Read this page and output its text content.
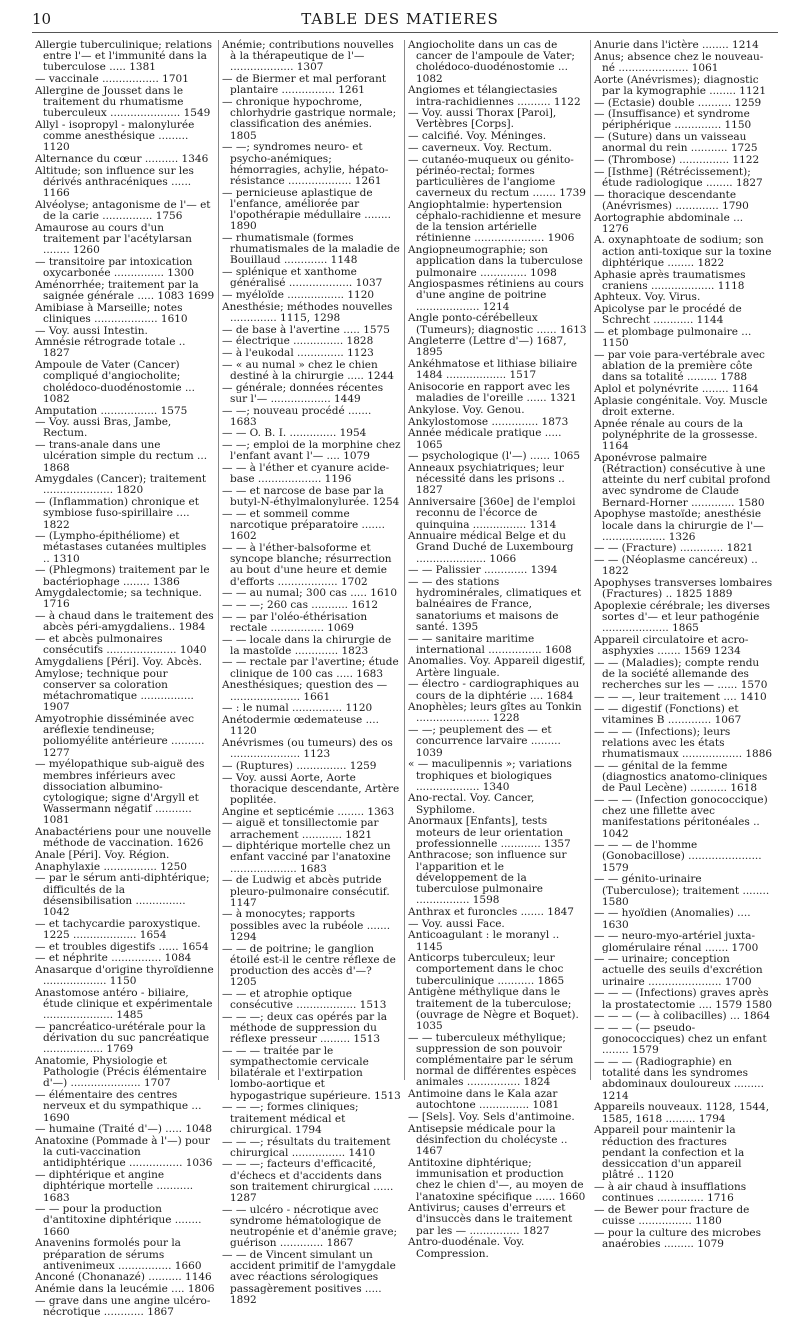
10	TABLE DES MATIERES

Allergie tuberculinique; relations entre l'— et l'immunité dans la tuberculose ..... 1381

— vaccinale ................. 1701

Allergine de Jousset dans le traitement du rhumatisme tuberculeux ..................... 1549

Allyl - isopropyl - malonylurée comme anesthésique ......... 1120

Alternance du cœur .......... 1346

Altitude; son influence sur les dérivés anthracéniques ...... 1166

Alvéolyse; antagonisme de l'— et de la carie ............... 1756

Amaurose au cours d'un traitement par l'acétylarsan ........ 1260

— transitoire par intoxication oxycarbonée ............... 1300

Aménorrhée; traitement par la saignée générale ..... 1083 1699

Amibiase à Marseille; notes cliniques ................... 1610

— Voy. aussi Intestin.

Amnésie rétrograde totale .. 1827

Ampoule de Vater (Cancer) compliqué d'angiocholite; cholédoco-duodénostomie ... 1082

Amputation ................. 1575

— Voy. aussi Bras, Jambe, Rectum.

— trans-anale dans une ulcération simple du rectum ... 1868

Amygdales (Cancer); traitement ..................... 1820

— (Inflammation) chronique et symbiose fuso-spirillaire .... 1822

— (Lympho-épithéliome) et métastases cutanées multiples .. 1310

— (Phlegmons) traitement par le bactériophage ........ 1386

Amygdalectomie; sa technique. 1716

— à chaud dans le traitement des abcès péri-amygdaliens.. 1984

— et abcès pulmonaires consécutifs ..................... 1040

Amygdaliens [Péri]. Voy. Abcès.

Amylose; technique pour conserver sa coloration métachromatique ................ 1907

Amyotrophie disséminée avec aréflexie tendineuse; poliomyélite antérieure .......... 1277

— myélopathique sub-aiguë des membres inférieurs avec dissociation albumino-cytologique; signe d'Argyll et Wassermann négatif ........... 1081

Anabactériens pour une nouvelle méthode de vaccination. 1626

Anale [Péri]. Voy. Région.

Anaphylaxie ................ 1250

— par le sérum anti-diphtérique; difficultés de la désensibilisation ............... 1042

— et tachycardie paroxystique. 1225 ................... 1654

— et troubles digestifs ...... 1654

— et néphrite ............... 1084

Anasarque d'origine thyroïdienne ................... 1150

Anastomose antéro - biliaire, étude clinique et expérimentale ..................... 1485

— pancréatico-urétérale pour la dérivation du suc pancréatique .................. 1769

Anatomie, Physiologie et Pathologie (Précis élémentaire d'—) ..................... 1707

— élémentaire des centres nerveux et du sympathique ... 1690

— humaine (Traité d'—) ..... 1048

Anatoxine (Pommade à l'—) pour la cuti-vaccination antidiphtérique ................ 1036

— diphtérique et angine diphtérique mortelle ........... 1683

— — pour la production d'antitoxine diphtérique ........ 1660

Anavenins formolés pour la préparation de sérums antivenimeux ................ 1660

Anconé (Chonanazé) .......... 1146

Anémie dans la leucémie .... 1806

— grave dans une angine ulcéro-nécrotique ............ 1867

Anémie; contributions nouvelles à la thérapeutique de l'— ................... 1307

— de Biermer et mal perforant plantaire ................ 1261

— chronique hypochrome, chlorhydrie gastrique normale; classification des anémies. 1805

— —; syndromes neuro- et psycho-anémiques; hémorragies, achylie, hépato-résistance ................... 1261

— pernicieuse aplastique de l'enfance, améliorée par l'opothérapie médullaire ........ 1890

— rhumatismale (formes rhumatismales de la maladie de Bouillaud ............. 1148

— splénique et xanthome généralisé ................... 1037

— myéloïde ................. 1120

Anesthésie; méthodes nouvelles .............. 1115, 1298

— de base à l'avertine ..... 1575

— électrique ............... 1828

— à l'eukodal .............. 1123

— « au numal » chez le chien destiné à la chirurgie ..... 1244

— générale; données récentes sur l'— .................. 1449

— —; nouveau procédé ....... 1683

— — O. B. I. .............. 1954

— —; emploi de la morphine chez l'enfant avant l'— .... 1079

— — à l'éther et cyanure acide-base ................... 1196

— — et narcose de base par la butyl-N-éthylmalonylurée. 1254

— — et sommeil comme narcotique préparatoire ....... 1602

— — à l'éther-balsoforme et syncope blanche; résurrection au bout d'une heure et demie d'efforts .................. 1702

— — au numal; 300 cas ..... 1610

— — —; 260 cas ........... 1612

— — par l'oléo-éthérisation rectale ................ 1069

— — locale dans la chirurgie de la mastoïde ............. 1823

— — rectale par l'avertine; étude clinique de 100 cas ..... 1683

Anesthésiques; question des — ..................... 1661

— : le numal ............... 1120

Anétodermie œdemateuse .... 1120

Anévrismes (ou tumeurs) des os ..................... 1123

— (Ruptures) ............... 1259

— Voy. aussi Aorte, Aorte thoracique descendante, Artère poplitée.

Angine et septicémie ........ 1363

— aiguë et tonsillectomie par arrachement ............ 1821

— diphtérique mortelle chez un enfant vacciné par l'anatoxine .................... 1683

— de Ludwig et abcès putride pleuro-pulmonaire consécutif. 1147

— à monocytes; rapports possibles avec la rubéole ....... 1294

— — de poitrine; le ganglion étoilé est-il le centre réflexe de production des accès d'—? 1205

— — et atrophie optique consécutive .................. 1513

— — —; deux cas opérés par la méthode de suppression du réflexe presseur ......... 1513

— — — traitée par le sympathectomie cervicale bilatérale et l'extirpation lombo-aortique et hypogastrique supérieure. 1513

— — —; formes cliniques; traitement médical et chirurgical. 1794

— — —; résultats du traitement chirurgical ................ 1410

— — —; facteurs d'efficacité, d'échecs et d'accidents dans son traitement chirurgical ...... 1287

— — ulcéro - nécrotique avec syndrome hématologique de neutropénie et d'anémie grave; guérison ............. 1867

— — de Vincent simulant un accident primitif de l'amygdale avec réactions sérologiques passagèrement positives ..... 1892

Angiocholite dans un cas de cancer de l'ampoule de Vater; cholédoco-duodénostomie ... 1082

Angiomes et télangiectasies intra-rachidiennes .......... 1122

— Voy. aussi Thorax [Paroi], Vertèbres [Corps].

— calcifié. Voy. Méninges.

— caverneux. Voy. Rectum.

— cutanéo-muqueux ou génito-périnéo-rectal; formes particulières de l'angiome caverneux du rectum ....... 1739

Angiophtalmie: hypertension céphalo-rachidienne et mesure de la tension artérielle rétinienne ..................... 1906

Angiopneumographie; son application dans la tuberculose pulmonaire .............. 1098

Angiospasmes rétiniens au cours d'une angine de poitrine ................... 1214

Angle ponto-cérébelleux (Tumeurs); diagnostic ...... 1613

Angleterre (Lettre d'—) 1687, 1895

Ankéhmatose et lithiase biliaire 1484 .................. 1517

Anisocorie en rapport avec les maladies de l'oreille ...... 1321

Ankylose. Voy. Genou.

Ankylostomose .............. 1873

Année médicale pratique ..... 1065

— psychologique (l'—) ...... 1065

Anneaux psychiatriques; leur nécessité dans les prisons .. 1827

Anniversaire [360e] de l'emploi reconnu de l'écorce de quinquina ................ 1314

Annuaire médical Belge et du Grand Duché de Luxembourg ..................... 1066

— — Palissier ............. 1394

— — des stations hydrominérales, climatiques et balnéaires de France, sanatoriums et maisons de santé. 1395

— — sanitaire maritime international ................ 1608

Anomalies. Voy. Appareil digestif, Artère linguale.

— électro - cardiographiques au cours de la diphtérie .... 1684

Anophèles; leurs gîtes au Tonkin ...................... 1228

— —; peuplement des — et concurrence larvaire ......... 1039

« — maculipennis »; variations trophiques et biologiques ................... 1340

Ano-rectal. Voy. Cancer, Syphilome.

Anormaux [Enfants], tests moteurs de leur orientation professionnelle ............ 1357

Anthracose; son influence sur l'apparition et le développement de la tuberculose pulmonaire ................ 1598

Anthrax et furoncles ....... 1847

— Voy. aussi Face.

Anticoagulant : le moranyl .. 1145

Anticorps tuberculeux; leur comportement dans le choc tuberculinique ........... 1865

Antigène méthylique dans le traitement de la tuberculose; (ouvrage de Nègre et Boquet). 1035

— — tuberculeux méthylique; suppression de son pouvoir complémentaire par le sérum normal de différentes espèces animales ................ 1824

Antimoine dans le Kala azar autochtone ............... 1081

— [Sels]. Voy. Sels d'antimoine.

Antisepsie médicale pour la désinfection du cholécyste .. 1467

Antitoxine diphtérique; immunisation et production chez le chien d'—, au moyen de l'anatoxine spécifique ...... 1660

Antivirus; causes d'erreurs et d'insuccès dans le traitement par les — ............... 1827

Antro-duodénale. Voy. Compression.

Anurie dans l'ictère ........ 1214

Anus; absence chez le nouveau-né ..................... 1061

Aorte (Anévrismes); diagnostic par la kymographie ........ 1121

— (Ectasie) double .......... 1259

— (Insuffisance) et syndrome périphérique .............. 1150

— (Suture) dans un vaisseau anormal du rein ........... 1725

— (Thrombose) ............... 1122

— [Isthme] (Rétrécissement); étude radiologique ........ 1827

— thoracique descendante (Anévrismes) ............. 1790

Aortographie abdominale ... 1276

A. oxynaphtoate de sodium; son action anti-toxique sur la toxine diphtérique ........ 1822

Aphasie après traumatismes craniens ................... 1118

Aphteux. Voy. Virus.

Apicolyse par le procédé de Schrecht ............ 1144

— et plombage pulmonaire ... 1150

— par voie para-vertébrale avec ablation de la première côte dans sa totalité ......... 1788

Aplol et polynévrite ........ 1164

Aplasie congénitale. Voy. Muscle droit externe.

Apnée rénale au cours de la polynéphrite de la grossesse. 1164

Aponévrose palmaire (Rétraction) consécutive à une atteinte du nerf cubital profond avec syndrome de Claude Bernard-Horner ............. 1580

Apophyse mastoïde; anesthésie locale dans la chirurgie de l'— ................... 1326

— — (Fracture) ............. 1821

— — (Néoplasme cancéreux) .. 1822

Apophyses transverses lombaires (Fractures) .. 1825 1889

Apoplexie cérébrale; les diverses sortes d'— et leur pathogénie .................... 1865

Appareil circulatoire et acro-asphyxies ....... 1569 1234

— — (Maladies); compte rendu de la société allemande des recherches sur les — ...... 1570

— — —, leur traitement .... 1410

— — digestif (Fonctions) et vitamines B ............. 1067

— — — (Infections); leurs relations avec les états rhumatismaux .................. 1886

— — génital de la femme (diagnostics anatomo-cliniques de Paul Lecène) ........... 1618

— — — (Infection gonococcique) chez une fillette avec manifestations péritonéales .. 1042

— — — de l'homme (Gonobacillose) ...................... 1579

— — génito-urinaire (Tuberculose); traitement ........ 1580

— — hyoïdien (Anomalies) .... 1630

— — neuro-myo-artériel juxta-glomérulaire rénal ....... 1700

— — urinaire; conception actuelle des seuils d'excrétion urinaire ...................... 1700

— — — (Infections) graves après la prostatectomie .... 1579 1580

— — — (— à colibacilles) ... 1864

— — — (— pseudo-gonococciques) chez un enfant ........ 1579

— — — (Radiographie) en totalité dans les syndromes abdominaux douloureux ......... 1214

Appareils nouveaux. 1128, 1544, 1585, 1618 ......... 1794

Appareil pour maintenir la réduction des fractures pendant la confection et la dessiccation d'un appareil plâtré .. 1120

— à air chaud à insufflations continues .............. 1716

— de Bewer pour fracture de cuisse ................ 1180

— pour la culture des microbes anaérobies ......... 1079
